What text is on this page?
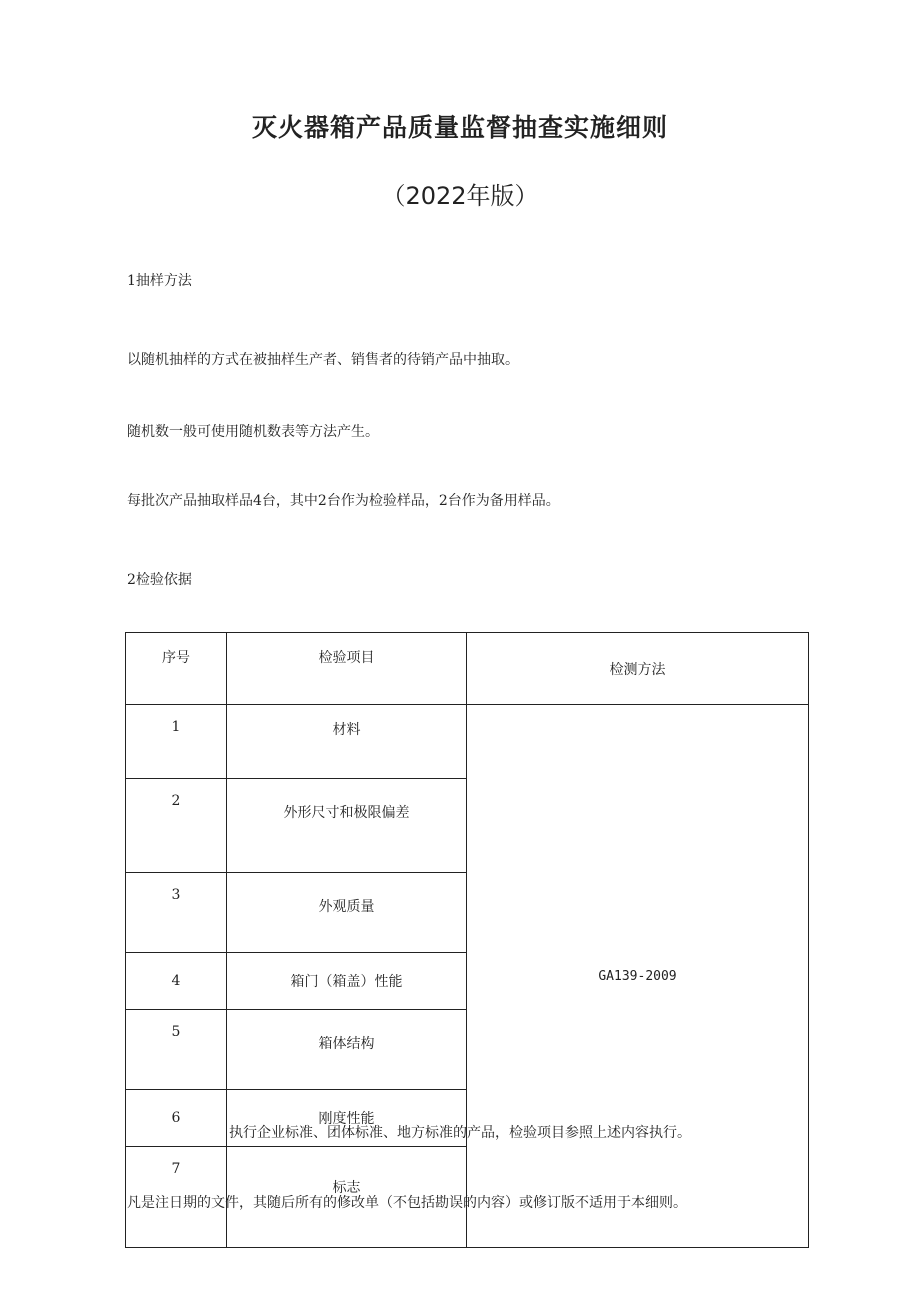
灭火器箱产品质量监督抽查实施细则
（2022年版）
1抽样方法
以随机抽样的方式在被抽样生产者、销售者的待销产品中抽取。
随机数一般可使用随机数表等方法产生。
每批次产品抽取样品4台，其中2台作为检验样品，2台作为备用样品。
2检验依据
序号	检验项目	检测方法
1	材料	GA139-2009
2	外形尺寸和极限偏差	
3	外观质量	
4	箱门（箱盖）性能	
5	箱体结构	
6	刚度性能	
7	标志	
执行企业标准、团体标准、地方标准的产品，检验项目参照上述内容执行。
凡是注日期的文件，其随后所有的修改单（不包括勘误的内容）或修订版不适用于本细则。
